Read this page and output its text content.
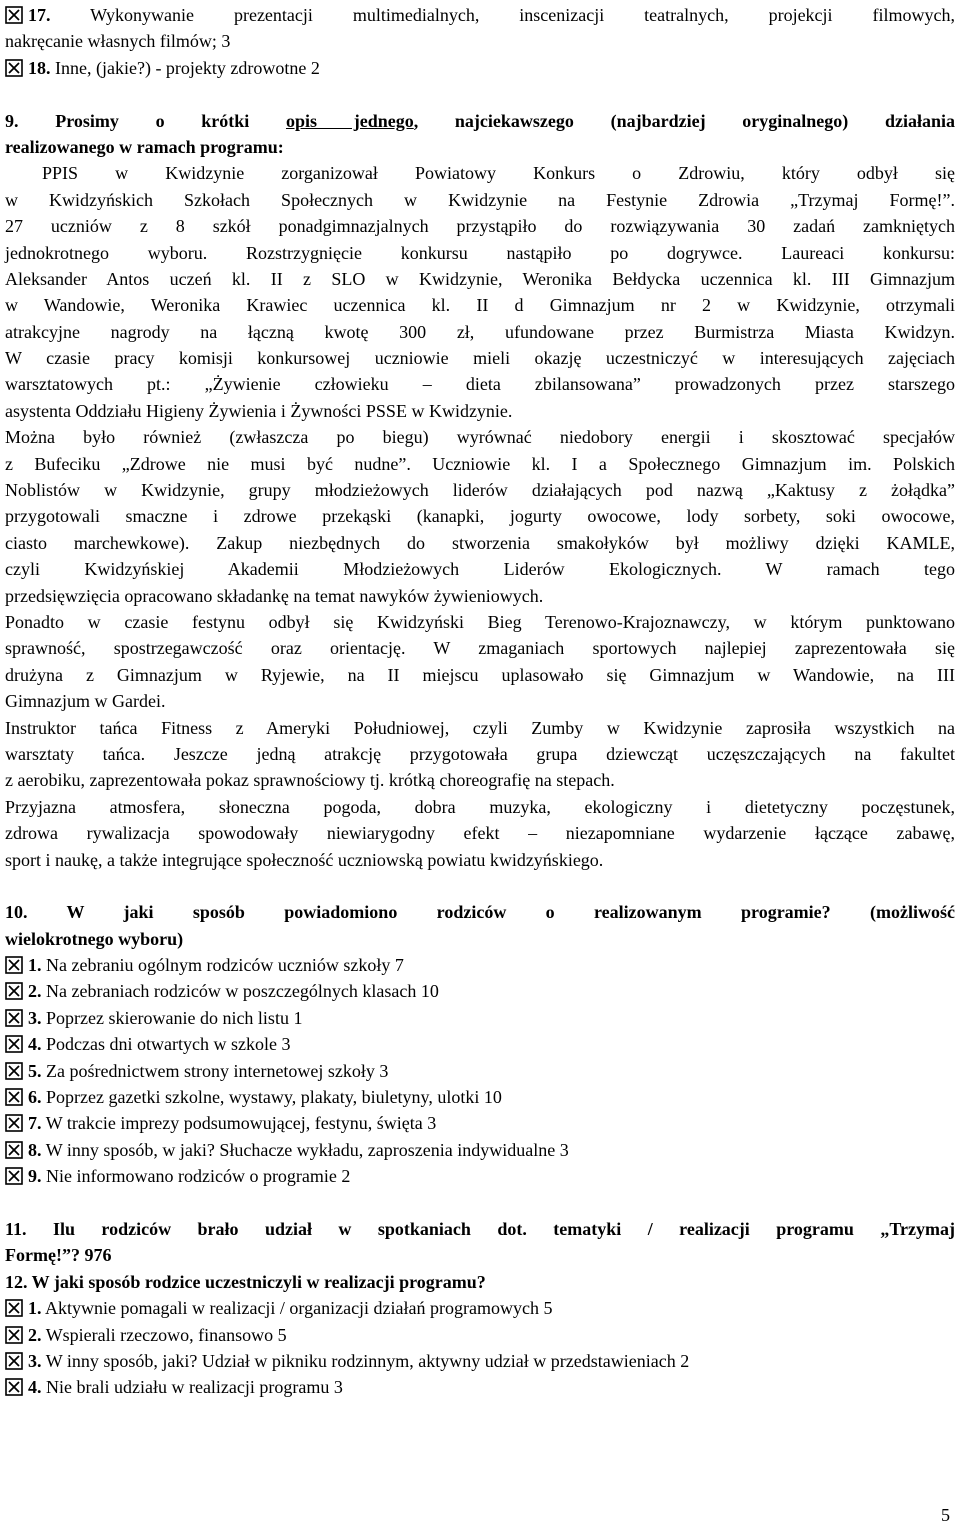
17. Wykonywanie prezentacji multimedialnych, inscenizacji teatralnych, projekcji filmowych,
nakręcanie własnych filmów; 3
18. Inne, (jakie?) - projekty zdrowotne 2
9. Prosimy o krótki opis jednego, najciekawszego (najbardziej oryginalnego) działania
realizowanego w ramach programu:
PPIS w Kwidzynie zorganizował Powiatowy Konkurs o Zdrowiu, który odbył się
w Kwidzyńskich Szkołach Społecznych w Kwidzynie na Festynie Zdrowia „Trzymaj Formę!”.
27 uczniów z 8 szkół ponadgimnazjalnych przystąpiło do rozwiązywania 30 zadań zamkniętych
jednokrotnego wyboru. Rozstrzygnięcie konkursu nastąpiło po dogrywce. Laureaci konkursu:
Aleksander Antos uczeń kl. II z SLO w Kwidzynie, Weronika Bełdycka uczennica kl. III Gimnazjum
w Wandowie, Weronika Krawiec uczennica kl. II d Gimnazjum nr 2 w Kwidzynie, otrzymali
atrakcyjne nagrody na łączną kwotę 300 zł, ufundowane przez Burmistrza Miasta Kwidzyn.
W czasie pracy komisji konkursowej uczniowie mieli okazję uczestniczyć w interesujących zajęciach
warsztatowych pt.: „Żywienie człowieku – dieta zbilansowana” prowadzonych przez starszego
asystenta Oddziału Higieny Żywienia i Żywności PSSE w Kwidzynie.
Można było również (zwłaszcza po biegu) wyrównać niedobory energii i skosztować specjałów
z Bufeciku „Zdrowe nie musi być nudne”. Uczniowie kl. I a Społecznego Gimnazjum im. Polskich
Noblistów w Kwidzynie, grupy młodzieżowych liderów działających pod nazwą „Kaktusy z żołądka”
przygotowali smaczne i zdrowe przekąski (kanapki, jogurty owocowe, lody sorbety, soki owocowe,
ciasto marchewkowe). Zakup niezbędnych do stworzenia smakołyków był możliwy dzięki KAMLE,
czyli Kwidzyńskiej Akademii Młodzieżowych Liderów Ekologicznych. W ramach tego
przedsięwzięcia opracowano składankę na temat nawyków żywieniowych.
Ponadto w czasie festynu odbył się Kwidzyński Bieg Terenowo-Krajoznawczy, w którym punktowano
sprawność, spostrzegawczość oraz orientację. W zmaganiach sportowych najlepiej zaprezentowała się
drużyna z Gimnazjum w Ryjewie, na II miejscu uplasowało się Gimnazjum w Wandowie, na III
Gimnazjum w Gardei.
Instruktor tańca Fitness z Ameryki Południowej, czyli Zumby w Kwidzynie zaprosiła wszystkich na
warsztaty tańca. Jeszcze jedną atrakcję przygotowała grupa dziewcząt uczęszczających na fakultet
z aerobiku, zaprezentowała pokaz sprawnościowy tj. krótką choreografię na stepach.
Przyjazna atmosfera, słoneczna pogoda, dobra muzyka, ekologiczny i dietetyczny poczęstunek,
zdrowa rywalizacja spowodowały niewiarygodny efekt – niezapomniane wydarzenie łączące zabawę,
sport i naukę, a także integrujące społeczność uczniowską powiatu kwidzyńskiego.
10. W jaki sposób powiadomiono rodziców o realizowanym programie? (możliwość
wielokrotnego wyboru)
1. Na zebraniu ogólnym rodziców uczniów szkoły 7
2. Na zebraniach rodziców w poszczególnych klasach 10
3. Poprzez skierowanie do nich listu 1
4. Podczas dni otwartych w szkole 3
5. Za pośrednictwem strony internetowej szkoły 3
6. Poprzez gazetki szkolne, wystawy, plakaty, biuletyny, ulotki 10
7. W trakcie imprezy podsumowującej, festynu, święta 3
8. W inny sposób, w jaki? Słuchacze wykładu, zaproszenia indywidualne 3
9. Nie informowano rodziców o programie 2
11. Ilu rodziców brało udział w spotkaniach dot. tematyki / realizacji programu „Trzymaj
Formę!”? 976
12. W jaki sposób rodzice uczestniczyli w realizacji programu?
1. Aktywnie pomagali w realizacji / organizacji działań programowych 5
2. Wspierali rzeczowo, finansowo 5
3. W inny sposób, jaki? Udział w pikniku rodzinnym, aktywny udział w przedstawieniach 2
4. Nie brali udziału w realizacji programu 3
5
